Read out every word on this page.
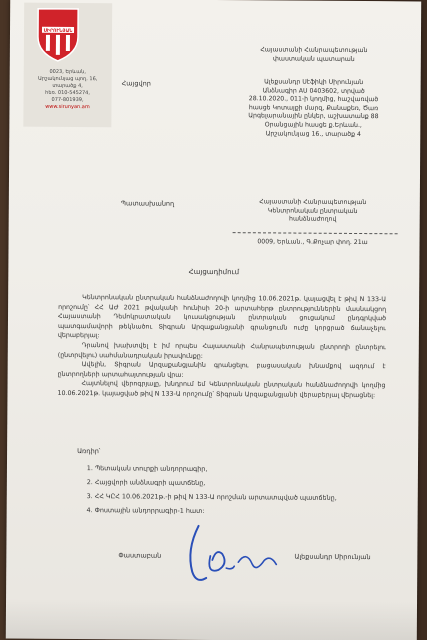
ՍԻՐՈՒՆՅԱՆ
0023, Երևան,
Արշակունյաց պող. 16,
տարածք 4,
հեռ. 010-545274,
077-801939,
www.sirunyan.am
Հայաստանի Հանրապետության
փաստական պատարան
Հայցվոր	Ալեքսանդր Սէֆիկի Սիրունյան
Անձնագիր AU 0403602, տրված
28.10.2020., 011-ի կողմից, հաշվառված
հասցե Կոտայքի մարզ, Քանաքեռ, Ծառ
Արգելարանային ընկեր, աշխատանք 88
Օրանցային հասցե ք.Երևան.,
Արշակունյաց 16., տարածք 4
Պատասխանող	Հայաստանի Հանրապետության
Կենտրոնական ընտրական
հանձնաժողով
0009, Երևան., Գ.Քոչար փող. 21ա
Հայցադիմում

Կենտրոնական ընտրական հանձնաժողովի կողմից 10.06.2021թ. կայացվել է թիվ N 133-Ա որոշումը՝ ՀՀ ԱԺ 2021 թվականի հունիսի 20-ի արտահերթ ընտրություններին մասնակցող Հայաստանի Դեմոկրատական կուսակցության ընտրական ցուցակում ընդգրկված պատգամավորի թեկնածու Տիգրան Արզաքանցյանի գրանցումն ուժը կորցրած ճանաչելու վերաբերյալ:

Դրանով խախտվել է իմ որպես Հայաստանի Հանրապետության ընտրողի ընտրելու (ընտրվելու) սահմանադրական իրավունքը:

Ավելին, Տիգրան Արզաքանցյանին գրանցելու բացասական խնամքով ազդում է ընտրողների արտահայտության վրա:

Հայտնելով վերոգրյալը, խնդրում եմ Կենտրոնական ընտրական հանձնաժողովի կողմից 10.06.2021թ. կայացված թիվ N 133-Ա որոշումը՝ Տիգրան Արզաքանցյանի վերաբերյալ վերացնել:

Առդիր՝
1. Պետական տուրքի անդորրագիր,
2. Հայցվորի անձնագրի պատճենը,
3. ՀՀ ԿԸՀ 10.06.2021թ.-ի թիվ N 133-Ա որոշման արտատպված պատճենը,
4. Փոստային անդորրագիր-1 հատ:
Փաստաբան	Ալեքսանդր Սիրունյան
